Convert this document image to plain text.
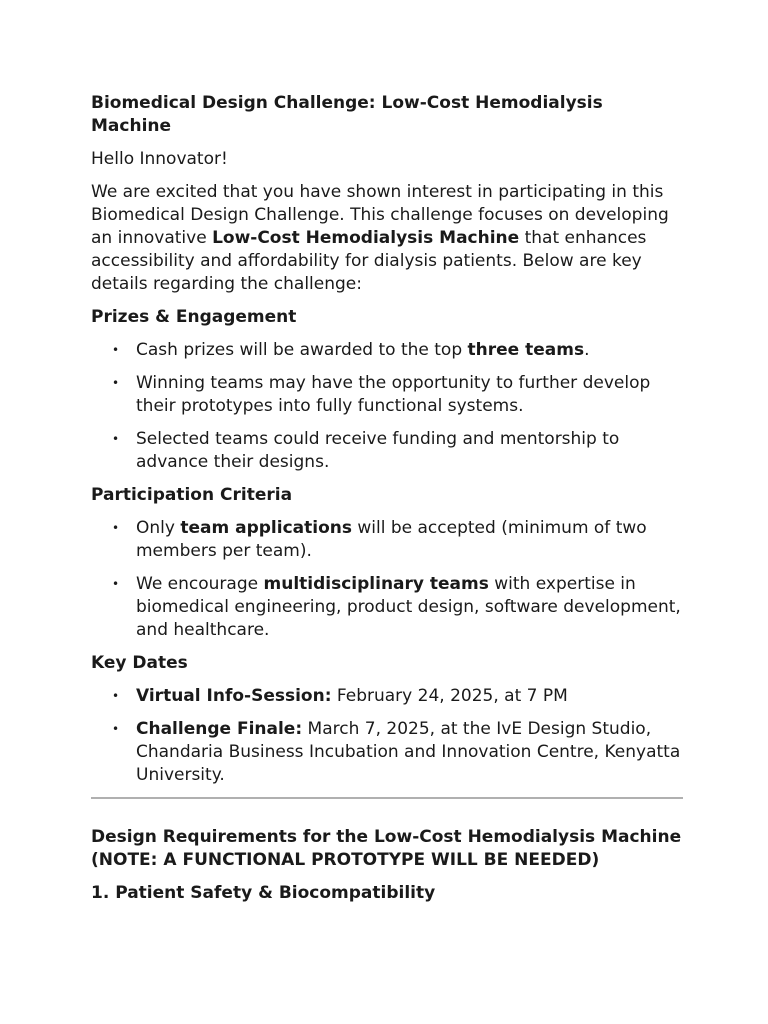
Biomedical Design Challenge: Low-Cost Hemodialysis Machine

Hello Innovator!

We are excited that you have shown interest in participating in this Biomedical Design Challenge. This challenge focuses on developing an innovative Low-Cost Hemodialysis Machine that enhances accessibility and affordability for dialysis patients. Below are key details regarding the challenge:

Prizes & Engagement
• Cash prizes will be awarded to the top three teams.
• Winning teams may have the opportunity to further develop their prototypes into fully functional systems.
• Selected teams could receive funding and mentorship to advance their designs.
Participation Criteria
• Only team applications will be accepted (minimum of two members per team).
• We encourage multidisciplinary teams with expertise in biomedical engineering, product design, software development, and healthcare.
Key Dates
• Virtual Info-Session: February 24, 2025, at 7 PM
• Challenge Finale: March 7, 2025, at the IvE Design Studio, Chandaria Business Incubation and Innovation Centre, Kenyatta University.
Design Requirements for the Low-Cost Hemodialysis Machine (NOTE: A FUNCTIONAL PROTOTYPE WILL BE NEEDED)
1. Patient Safety & Biocompatibility
